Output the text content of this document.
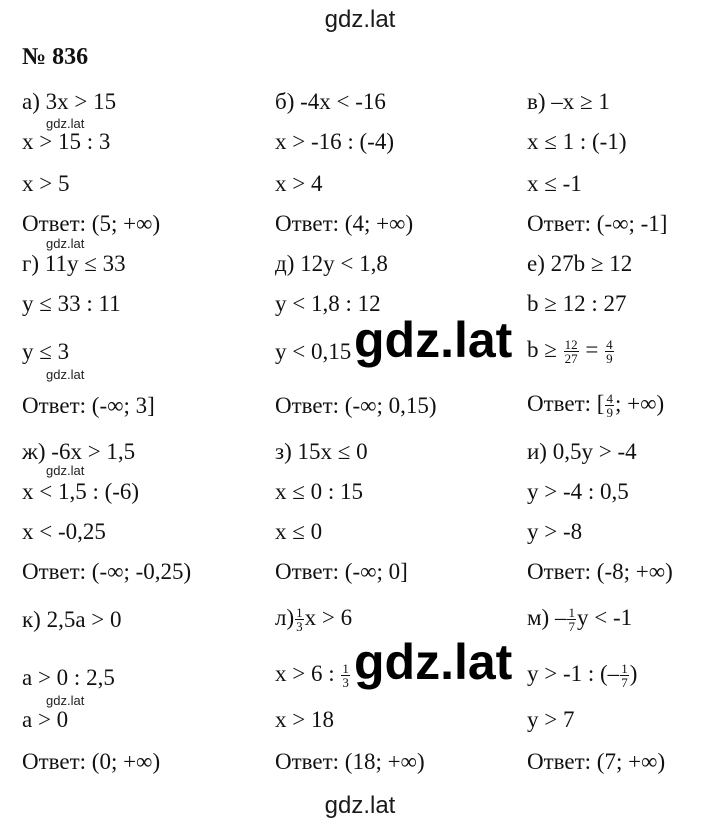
gdz.lat
№ 836
а) 3x > 15
gdz.lat
x > 15 : 3
x > 5
Ответ: (5; +∞)
б) -4x < -16
x > -16 : (-4)
x > 4
Ответ: (4; +∞)
в) –x ≥ 1
x ≤ 1 : (-1)
x ≤ -1
Ответ: (-∞; -1]
gdz.lat
г) 11y ≤ 33
y ≤ 33 : 11
y ≤ 3
gdz.lat
Ответ: (-∞; 3]
д) 12y < 1,8
y < 1,8 : 12
y < 0,15
Ответ: (-∞; 0,15)
е) 27b ≥ 12
b ≥ 12 : 27
$b \ge \frac{12}{27} = \frac{4}{9}$
Ответ: [ $\frac{4}{9}$ ; +∞)
ж) -6x > 1,5
gdz.lat
x < 1,5 : (-6)
x < -0,25
Ответ: (-∞; -0,25)
з) 15x ≤ 0
x ≤ 0 : 15
x ≤ 0
Ответ: (-∞; 0]
и) 0,5y > -4
y > -4 : 0,5
y > -8
Ответ: (-8; +∞)
к) 2,5a > 0
a > 0 : 2,5
gdz.lat
a > 0
Ответ: (0; +∞)
$л) \frac{1}{3}$ x > 6
x > 6 : $\frac{1}{3}$
x > 18
Ответ: (18; +∞)
$м) - \frac{1}{7}$ y < -1
y > -1 : (– $\frac{1}{7}$ )
y > 7
Ответ: (7; +∞)
gdz.lat
gdz.lat
gdz.lat
